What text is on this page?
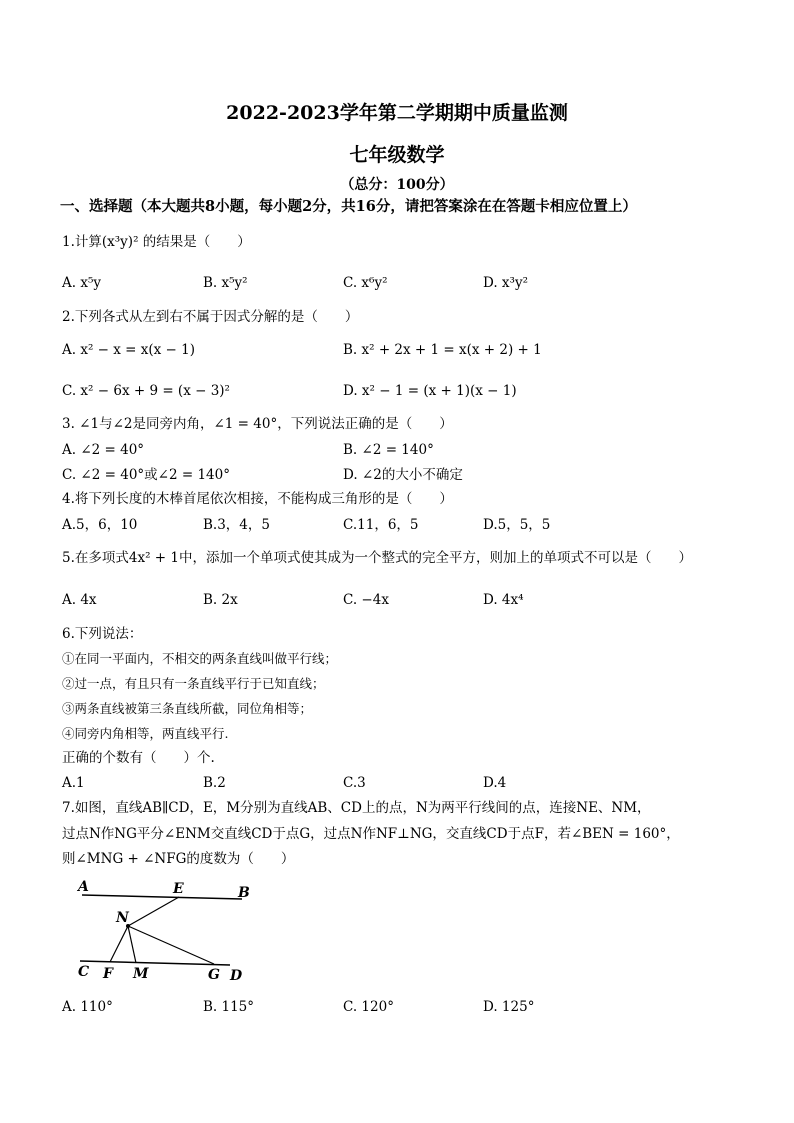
2022-2023学年第二学期期中质量监测
七年级数学
（总分：100分）
一、选择题（本大题共8小题，每小题2分，共16分，请把答案涂在在答题卡相应位置上）
1.计算(x³y)² 的结果是（　　）
A. x⁵y	B. x⁵y²	C. x⁶y²	D. x³y²
2.下列各式从左到右不属于因式分解的是（　　）
A. x² − x = x(x − 1)	B. x² + 2x + 1 = x(x + 2) + 1
C. x² − 6x + 9 = (x − 3)²	D. x² − 1 = (x + 1)(x − 1)
3. ∠1与∠2是同旁内角，∠1 = 40°，下列说法正确的是（　　）
A. ∠2 = 40°	B. ∠2 = 140°
C. ∠2 = 40°或∠2 = 140°	D. ∠2的大小不确定
4.将下列长度的木棒首尾依次相接，不能构成三角形的是（　　）
A.5，6，10	B.3，4，5	C.11，6，5	D.5，5，5
5.在多项式4x² + 1中，添加一个单项式使其成为一个整式的完全平方，则加上的单项式不可以是（　　）
A. 4x	B. 2x	C. −4x	D. 4x⁴
6.下列说法：
①在同一平面内，不相交的两条直线叫做平行线；
②过一点，有且只有一条直线平行于已知直线；
③两条直线被第三条直线所截，同位角相等；
④同旁内角相等，两直线平行.
正确的个数有（　　）个.
A.1	B.2	C.3	D.4
7.如图，直线AB∥CD，E，M分别为直线AB、CD上的点，N为两平行线间的点，连接NE、NM，
过点N作NG平分∠ENM交直线CD于点G，过点N作NF⊥NG，交直线CD于点F，若∠BEN = 160°，
则∠MNG + ∠NFG的度数为（　　）
A	E	B
N
C F M	G D
A. 110°	B. 115°	C. 120°	D. 125°
